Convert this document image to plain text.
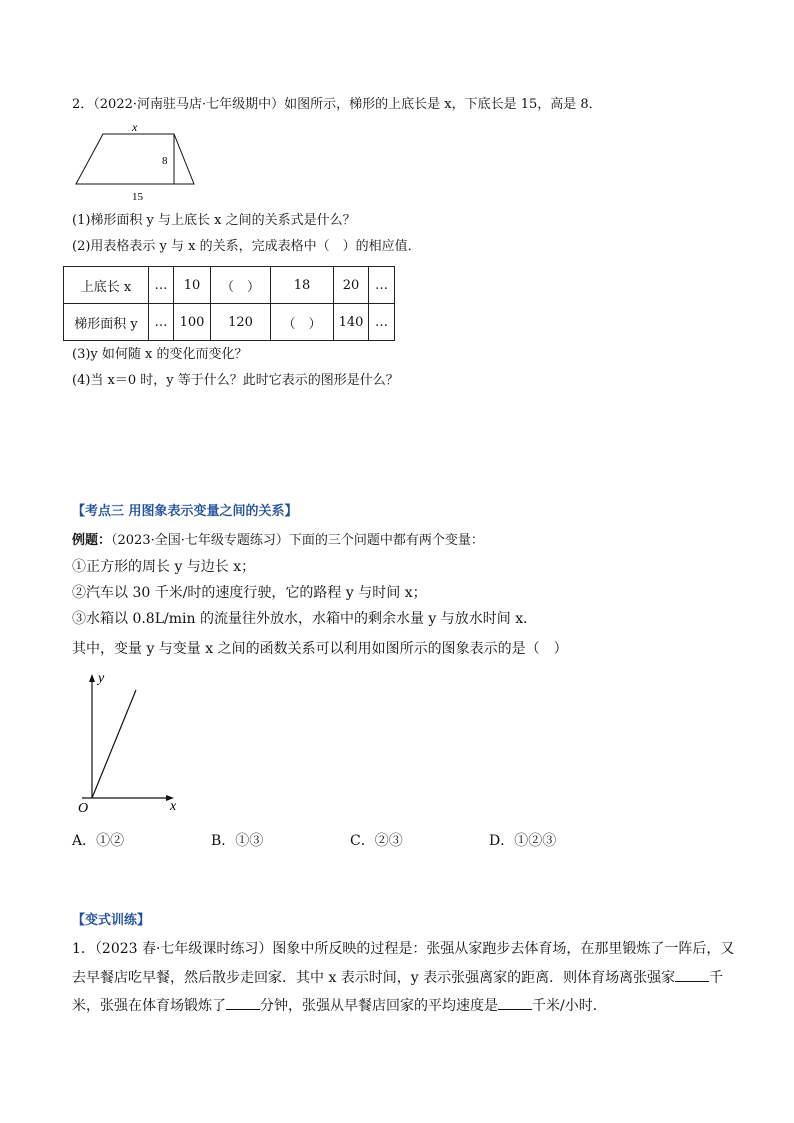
2．（2022·河南驻马店·七年级期中）如图所示，梯形的上底长是 x，下底长是 15，高是 8．
x
8
15
(1)梯形面积 y 与上底长 x 之间的关系式是什么？
(2)用表格表示 y 与 x 的关系，完成表格中（　）的相应值．
上底长 x	…	10	（　）	18	20	…
梯形面积 y	…	100	120	（　）	140	…
(3)y 如何随 x 的变化而变化？
(4)当 x＝0 时，y 等于什么？此时它表示的图形是什么？
【考点三 用图象表示变量之间的关系】
例题：（2023·全国·七年级专题练习）下面的三个问题中都有两个变量：
①正方形的周长 y 与边长 x；
②汽车以 30 千米/时的速度行驶，它的路程 y 与时间 x；
③水箱以 0.8L/min 的流量往外放水，水箱中的剩余水量 y 与放水时间 x．
其中，变量 y 与变量 x 之间的函数关系可以利用如图所示的图象表示的是（　）
y
x
O
A．①②	B．①③	C．②③	D．①②③
【变式训练】
1．（2023 春·七年级课时练习）图象中所反映的过程是：张强从家跑步去体育场，在那里锻炼了一阵后，又
去早餐店吃早餐，然后散步走回家．其中 x 表示时间，y 表示张强离家的距离．则体育场离张强家 千
米，张强在体育场锻炼了 分钟，张强从早餐店回家的平均速度是 千米/小时．
